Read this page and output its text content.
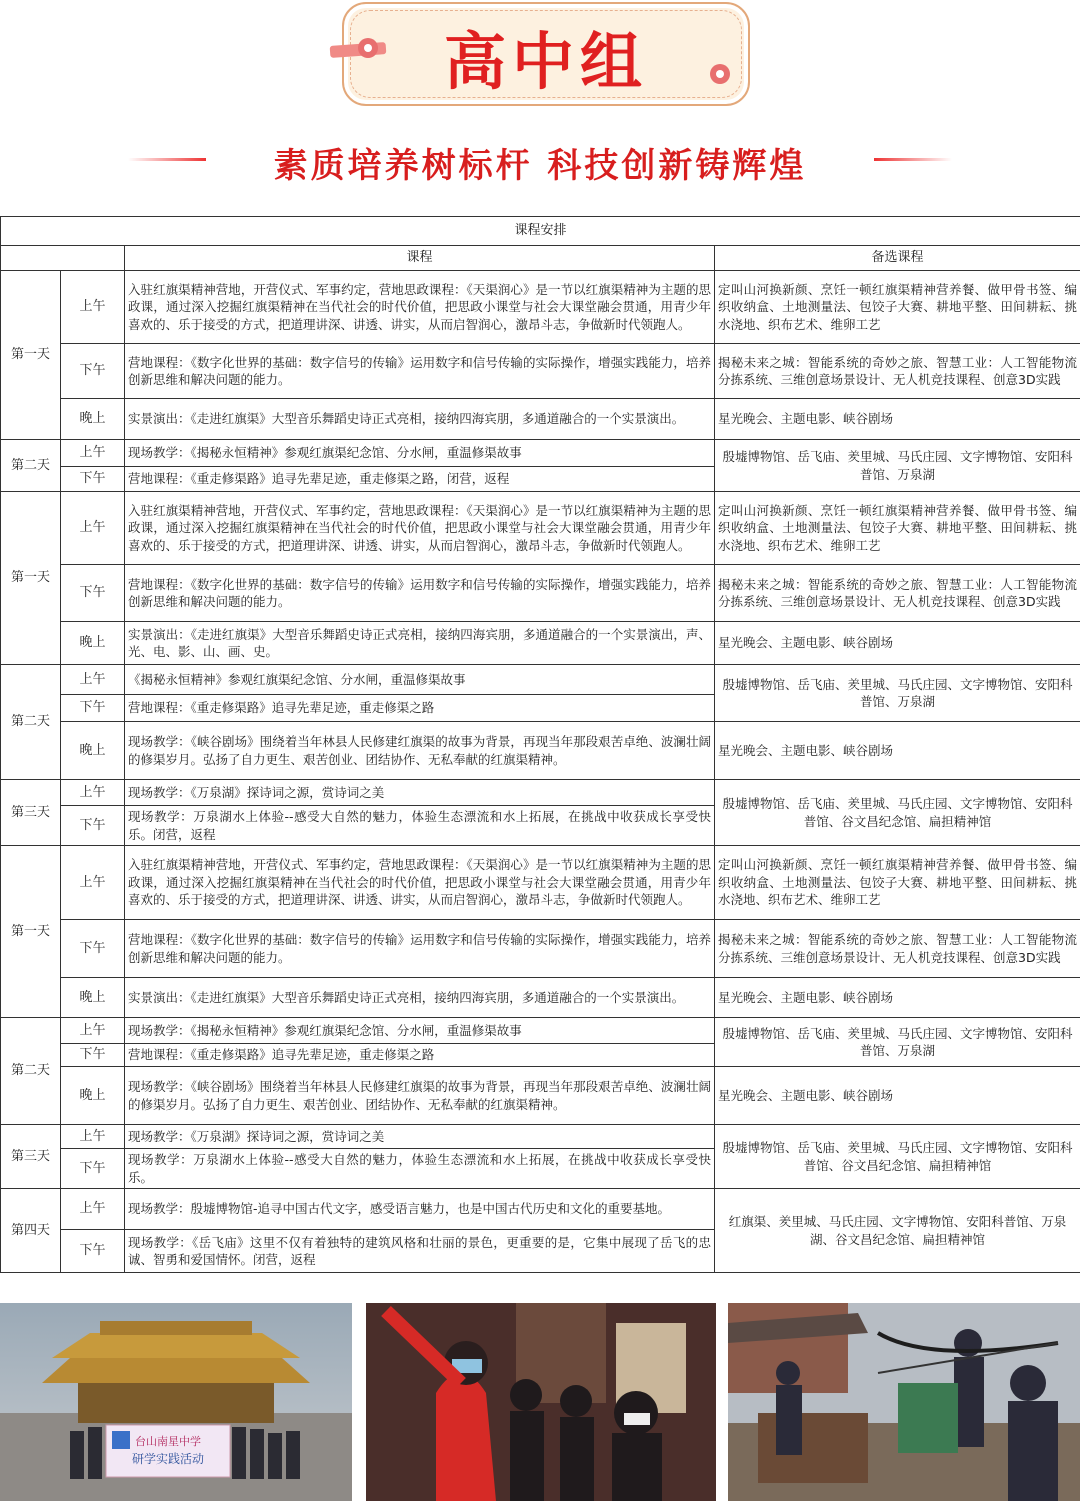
高中组
素质培养树标杆 科技创新铸辉煌
课程安排			
		课程	备选课程
第一天	上午	入驻红旗渠精神营地，开营仪式、军事约定，营地思政课程：《天渠润心》是一节以红旗渠精神为主题的思政课，通过深入挖掘红旗渠精神在当代社会的时代价值，把思政小课堂与社会大课堂融会贯通，用青少年喜欢的、乐于接受的方式，把道理讲深、讲透、讲实，从而启智润心，激昂斗志，争做新时代领跑人。	定叫山河换新颜、烹饪一顿红旗渠精神营养餐、做甲骨书签、编织收纳盒、土地测量法、包饺子大赛、耕地平整、田间耕耘、挑水浇地、织布艺术、维卵工艺
	下午	营地课程：《数字化世界的基础：数字信号的传输》运用数字和信号传输的实际操作，增强实践能力，培养创新思维和解决问题的能力。	揭秘未来之城：智能系统的奇妙之旅、智慧工业：人工智能物流分拣系统、三维创意场景设计、无人机竞技课程、创意3D实践
	晚上	实景演出：《走进红旗渠》大型音乐舞蹈史诗正式亮相，接纳四海宾朋，多通道融合的一个实景演出。	星光晚会、主题电影、峡谷剧场
第二天	上午	现场教学：《揭秘永恒精神》参观红旗渠纪念馆、分水闸，重温修渠故事	殷墟博物馆、岳飞庙、羑里城、马氏庄园、文字博物馆、安阳科普馆、万泉湖
	下午	营地课程：《重走修渠路》追寻先辈足迹，重走修渠之路，闭营，返程	
第一天	上午	入驻红旗渠精神营地，开营仪式、军事约定，营地思政课程：《天渠润心》是一节以红旗渠精神为主题的思政课，通过深入挖掘红旗渠精神在当代社会的时代价值，把思政小课堂与社会大课堂融会贯通，用青少年喜欢的、乐于接受的方式，把道理讲深、讲透、讲实，从而启智润心，激昂斗志，争做新时代领跑人。	定叫山河换新颜、烹饪一顿红旗渠精神营养餐、做甲骨书签、编织收纳盒、土地测量法、包饺子大赛、耕地平整、田间耕耘、挑水浇地、织布艺术、维卵工艺
	下午	营地课程：《数字化世界的基础：数字信号的传输》运用数字和信号传输的实际操作，增强实践能力，培养创新思维和解决问题的能力。	揭秘未来之城：智能系统的奇妙之旅、智慧工业：人工智能物流分拣系统、三维创意场景设计、无人机竞技课程、创意3D实践
	晚上	实景演出：《走进红旗渠》大型音乐舞蹈史诗正式亮相，接纳四海宾朋，多通道融合的一个实景演出，声、光、电、影、山、画、史。	星光晚会、主题电影、峡谷剧场
第二天	上午	《揭秘永恒精神》参观红旗渠纪念馆、分水闸，重温修渠故事	殷墟博物馆、岳飞庙、羑里城、马氏庄园、文字博物馆、安阳科普馆、万泉湖
	下午	营地课程：《重走修渠路》追寻先辈足迹，重走修渠之路	
	晚上	现场教学：《峡谷剧场》围绕着当年林县人民修建红旗渠的故事为背景，再现当年那段艰苦卓绝、波澜壮阔的修渠岁月。弘扬了自力更生、艰苦创业、团结协作、无私奉献的红旗渠精神。	星光晚会、主题电影、峡谷剧场
第三天	上午	现场教学：《万泉湖》探诗词之源，赏诗词之美	殷墟博物馆、岳飞庙、羑里城、马氏庄园、文字博物馆、安阳科普馆、谷文昌纪念馆、扁担精神馆
	下午	现场教学：万泉湖水上体验--感受大自然的魅力，体验生态漂流和水上拓展，在挑战中收获成长享受快乐。闭营，返程	
第一天	上午	入驻红旗渠精神营地，开营仪式、军事约定，营地思政课程：《天渠润心》是一节以红旗渠精神为主题的思政课，通过深入挖掘红旗渠精神在当代社会的时代价值，把思政小课堂与社会大课堂融会贯通，用青少年喜欢的、乐于接受的方式，把道理讲深、讲透、讲实，从而启智润心，激昂斗志，争做新时代领跑人。	定叫山河换新颜、烹饪一顿红旗渠精神营养餐、做甲骨书签、编织收纳盒、土地测量法、包饺子大赛、耕地平整、田间耕耘、挑水浇地、织布艺术、维卵工艺
	下午	营地课程：《数字化世界的基础：数字信号的传输》运用数字和信号传输的实际操作，增强实践能力，培养创新思维和解决问题的能力。	揭秘未来之城：智能系统的奇妙之旅、智慧工业：人工智能物流分拣系统、三维创意场景设计、无人机竞技课程、创意3D实践
	晚上	实景演出：《走进红旗渠》大型音乐舞蹈史诗正式亮相，接纳四海宾朋，多通道融合的一个实景演出。	星光晚会、主题电影、峡谷剧场
第二天	上午	现场教学：《揭秘永恒精神》参观红旗渠纪念馆、分水闸，重温修渠故事	殷墟博物馆、岳飞庙、羑里城、马氏庄园、文字博物馆、安阳科普馆、万泉湖
	下午	营地课程：《重走修渠路》追寻先辈足迹，重走修渠之路	
	晚上	现场教学：《峡谷剧场》围绕着当年林县人民修建红旗渠的故事为背景，再现当年那段艰苦卓绝、波澜壮阔的修渠岁月。弘扬了自力更生、艰苦创业、团结协作、无私奉献的红旗渠精神。	星光晚会、主题电影、峡谷剧场
第三天	上午	现场教学：《万泉湖》探诗词之源，赏诗词之美	殷墟博物馆、岳飞庙、羑里城、马氏庄园、文字博物馆、安阳科普馆、谷文昌纪念馆、扁担精神馆
	下午	现场教学：万泉湖水上体验--感受大自然的魅力，体验生态漂流和水上拓展，在挑战中收获成长享受快乐。	
第四天	上午	现场教学：殷墟博物馆-追寻中国古代文字，感受语言魅力，也是中国古代历史和文化的重要基地。	红旗渠、羑里城、马氏庄园、文字博物馆、安阳科普馆、万泉湖、谷文昌纪念馆、扁担精神馆
	下午	现场教学：《岳飞庙》这里不仅有着独特的建筑风格和壮丽的景色，更重要的是，它集中展现了岳飞的忠诚、智勇和爱国情怀。闭营，返程	
台山南星中学
研学实践活动
